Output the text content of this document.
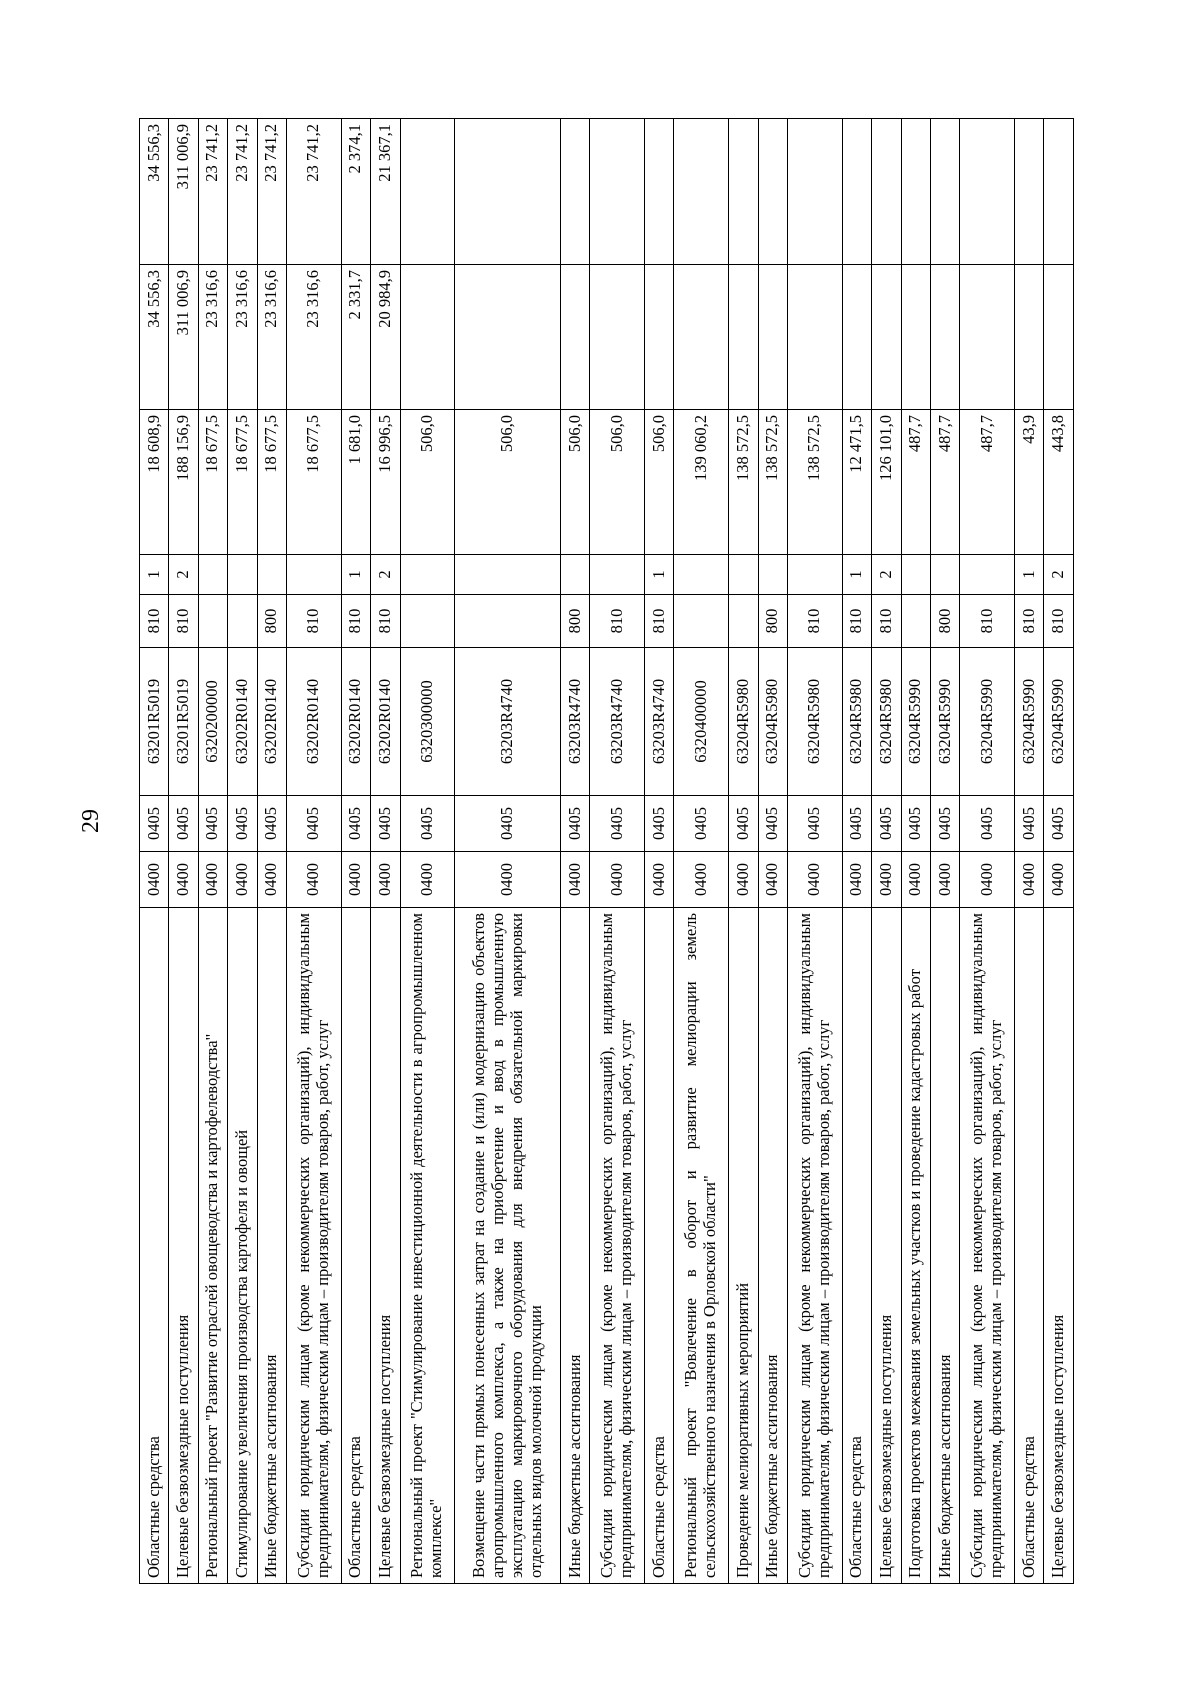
29
Областные средства	0400	0405	63201R5019	810	1	18 608,9	34 556,3	34 556,3
Целевые безвозмездные поступления	0400	0405	63201R5019	810	2	188 156,9	311 006,9	311 006,9
Региональный проект "Развитие отраслей овощеводства и картофелеводства"	0400	0405	6320200000			18 677,5	23 316,6	23 741,2
Стимулирование увеличения производства картофеля и овощей	0400	0405	63202R0140			18 677,5	23 316,6	23 741,2
Иные бюджетные ассигнования	0400	0405	63202R0140	800		18 677,5	23 316,6	23 741,2
Субсидии юридическим лицам (кроме некоммерческих организаций), индивидуальным предпринимателям, физическим лицам – производителям товаров, работ, услуг	0400	0405	63202R0140	810		18 677,5	23 316,6	23 741,2
Областные средства	0400	0405	63202R0140	810	1	1 681,0	2 331,7	2 374,1
Целевые безвозмездные поступления	0400	0405	63202R0140	810	2	16 996,5	20 984,9	21 367,1
Региональный проект "Стимулирование инвестиционной деятельности в агропромышленном комплексе"	0400	0405	6320300000			506,0		
Возмещение части прямых понесенных затрат на создание и (или) модернизацию объектов агропромышленного комплекса, а также на приобретение и ввод в промышленную эксплуатацию маркировочного оборудования для внедрения обязательной маркировки отдельных видов молочной продукции	0400	0405	63203R4740			506,0		
Иные бюджетные ассигнования	0400	0405	63203R4740	800		506,0		
Субсидии юридическим лицам (кроме некоммерческих организаций), индивидуальным предпринимателям, физическим лицам – производителям товаров, работ, услуг	0400	0405	63203R4740	810		506,0		
Областные средства	0400	0405	63203R4740	810	1	506,0		
Региональный проект "Вовлечение в оборот и развитие мелиорации земель сельскохозяйственного назначения в Орловской области"	0400	0405	6320400000			139 060,2		
Проведение мелиоративных мероприятий	0400	0405	63204R5980			138 572,5		
Иные бюджетные ассигнования	0400	0405	63204R5980	800		138 572,5		
Субсидии юридическим лицам (кроме некоммерческих организаций), индивидуальным предпринимателям, физическим лицам – производителям товаров, работ, услуг	0400	0405	63204R5980	810		138 572,5		
Областные средства	0400	0405	63204R5980	810	1	12 471,5		
Целевые безвозмездные поступления	0400	0405	63204R5980	810	2	126 101,0		
Подготовка проектов межевания земельных участков и проведение кадастровых работ	0400	0405	63204R5990			487,7		
Иные бюджетные ассигнования	0400	0405	63204R5990	800		487,7		
Субсидии юридическим лицам (кроме некоммерческих организаций), индивидуальным предпринимателям, физическим лицам – производителям товаров, работ, услуг	0400	0405	63204R5990	810		487,7		
Областные средства	0400	0405	63204R5990	810	1	43,9		
Целевые безвозмездные поступления	0400	0405	63204R5990	810	2	443,8		
